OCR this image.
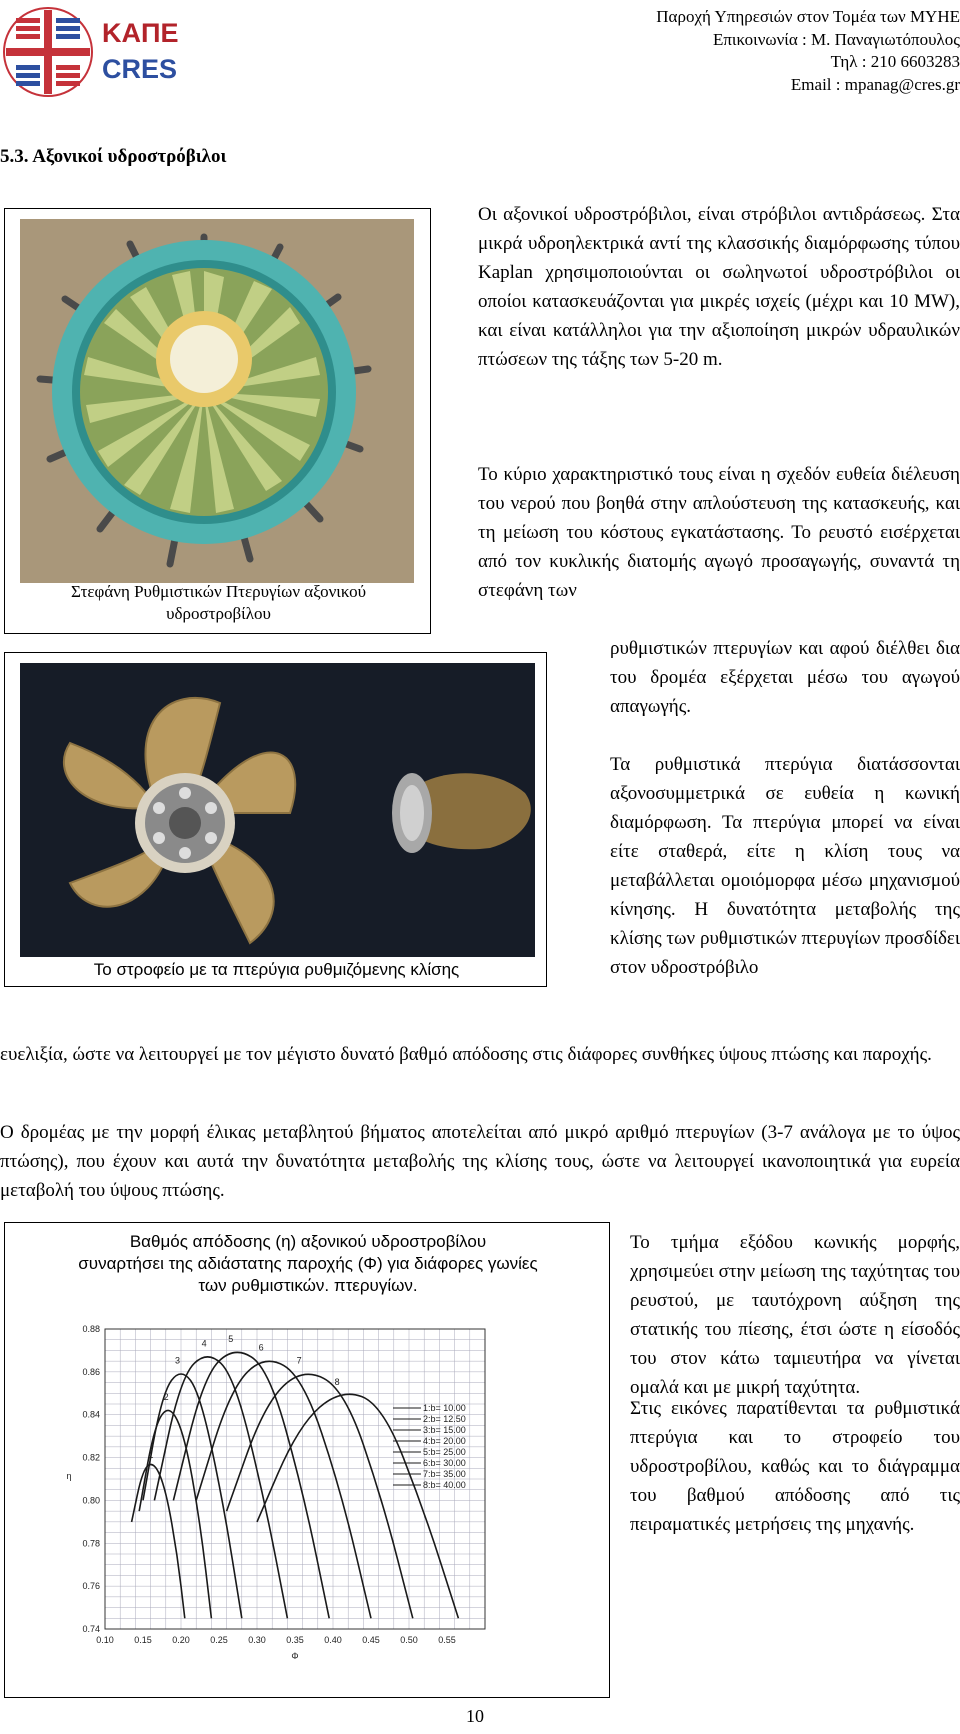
ΚΑΠΕ
CRES
Παροχή Υπηρεσιών στον Τομέα των ΜΥΗΕ
Επικοινωνία : Μ. Παναγιωτόπουλος
Τηλ : 210 6603283
Email : mpanag@cres.gr
5.3. Αξονικοί υδροστρόβιλοι
Στεφάνη Ρυθμιστικών Πτερυγίων αξονικού
υδροστροβίλου
Το στροφείο με τα πτερύγια ρυθμιζόμενης κλίσης
Οι αξονικοί υδροστρόβιλοι, είναι στρόβιλοι αντιδράσεως. Στα μικρά υδροηλεκτρικά αντί της κλασσικής διαμόρφωσης τύπου Kaplan χρησιμοποιούνται οι σωληνωτοί υδροστρόβιλοι οι οποίοι κατασκευάζονται για μικρές ισχείς (μέχρι και 10 MW), και είναι κατάλληλοι για την αξιοποίηση μικρών υδραυλικών πτώσεων της τάξης των 5-20 m.
Το κύριο χαρακτηριστικό τους είναι η σχεδόν ευθεία διέλευση του νερού που βοηθά στην απλούστευση της κατασκευής, και τη μείωση του κόστους εγκατάστασης. Το ρευστό εισέρχεται από τον κυκλικής διατομής αγωγό προσαγωγής, συναντά τη στεφάνη των
ρυθμιστικών πτερυγίων και αφού διέλθει δια του δρομέα εξέρχεται μέσω του αγωγού απαγωγής.
Τα ρυθμιστικά πτερύγια διατάσσονται αξονοσυμμετρικά σε ευθεία η κωνική διαμόρφωση. Τα πτερύγια μπορεί να είναι είτε σταθερά, είτε η κλίση τους να μεταβάλλεται ομοιόμορφα μέσω μηχανισμού κίνησης. Η δυνατότητα μεταβολής της κλίσης των ρυθμιστικών πτερυγίων προσδίδει στον υδροστρόβιλο
ευελιξία, ώστε να λειτουργεί με τον μέγιστο δυνατό βαθμό απόδοσης στις διάφορες συνθήκες ύψους πτώσης και παροχής.
Ο δρομέας με την μορφή έλικας μεταβλητού βήματος αποτελείται από μικρό αριθμό πτερυγίων (3-7 ανάλογα με το ύψος πτώσης), που έχουν και αυτά την δυνατότητα μεταβολής της κλίσης τους, ώστε να λειτουργεί ικανοποιητικά για ευρεία μεταβολή του ύψους πτώσης.
Βαθμός απόδοσης (η) αξονικού υδροστροβίλου
συναρτήσει της αδιάστατης παροχής (Φ) για διάφορες γωνίες
των ρυθμιστικών. πτερυγίων.
0.10 0.15 0.20 0.25 0.30 0.35 0.40 0.45 0.50 0.55
0.88
0.86
0.84
0.82
0.80
0.78
0.76
0.74
Φ
η
1
2
3
4 5
6
7
8
1:b= 10.00
2:b= 12.50
3:b= 15.00
4:b= 20.00
5:b= 25.00
6:b= 30.00
7:b= 35.00
8:b= 40.00
Το τμήμα εξόδου κωνικής μορφής, χρησιμεύει στην μείωση της ταχύτητας του ρευστού, με ταυτόχρονη αύξηση της στατικής του πίεσης, έτσι ώστε η είσοδός του στον κάτω ταμιευτήρα να γίνεται ομαλά και με μικρή ταχύτητα.
Στις εικόνες παρατίθενται τα ρυθμιστικά πτερύγια και το στροφείο του υδροστροβίλου, καθώς και το διάγραμμα του βαθμού απόδοσης από τις πειραματικές μετρήσεις της μηχανής.
10
